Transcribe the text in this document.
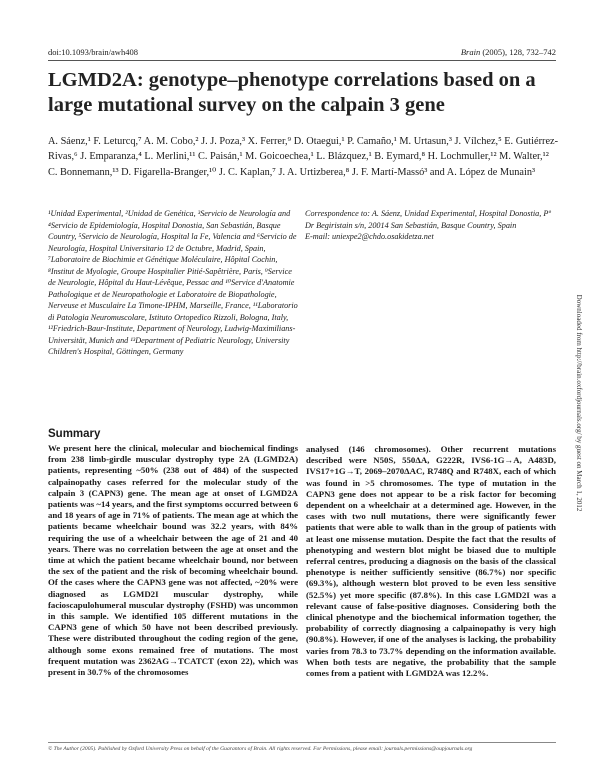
doi:10.1093/brain/awh408	Brain (2005), 128, 732–742
LGMD2A: genotype–phenotype correlations based on a large mutational survey on the calpain 3 gene
A. Sáenz,¹ F. Leturcq,⁷ A. M. Cobo,² J. J. Poza,³ X. Ferrer,⁹ D. Otaegui,¹ P. Camaño,¹ M. Urtasun,³ J. Vílchez,⁵ E. Gutiérrez-Rivas,⁶ J. Emparanza,⁴ L. Merlini,¹¹ C. Paisán,¹ M. Goicoechea,¹ L. Blázquez,¹ B. Eymard,⁸ H. Lochmuller,¹² M. Walter,¹² C. Bonnemann,¹³ D. Figarella-Branger,¹⁰ J. C. Kaplan,⁷ J. A. Urtizberea,⁸ J. F. Martí-Massó³ and A. López de Munain³
¹Unidad Experimental, ²Unidad de Genética, ³Servicio de Neurología and ⁴Servicio de Epidemiología, Hospital Donostia, San Sebastián, Basque Country, ⁵Servicio de Neurología, Hospital la Fe, Valencia and ⁶Servicio de Neurología, Hospital Universitario 12 de Octubre, Madrid, Spain, ⁷Laboratoire de Biochimie et Génétique Moléculaire, Hôpital Cochin, ⁸Institut de Myologie, Groupe Hospitalier Pitié-Sapêtrière, Paris, ⁹Service de Neurologie, Hôpital du Haut-Lévêque, Pessac and ¹⁰Service d'Anatomie Pathologique et de Neuropathologie et Laboratoire de Biopathologie, Nerveuse et Musculaire La Timone-IPHM, Marseille, France, ¹¹Laboratorio di Patologia Neuromuscolare, Istituto Ortopedico Rizzoli, Bologna, Italy, ¹²Friedrich-Baur-Institute, Department of Neurology, Ludwig-Maximilians-Universität, Munich and ¹³Department of Pediatric Neurology, University Children's Hospital, Göttingen, Germany
Correspondence to: A. Sáenz, Unidad Experimental, Hospital Donostia, Pº Dr Begiristain s/n, 20014 San Sebastián, Basque Country, Spain
E-mail: uniexpe2@chdo.osakidetza.net
Downloaded from http://brain.oxfordjournals.org/ by guest on March 1, 2012
Summary

We present here the clinical, molecular and biochemical findings from 238 limb-girdle muscular dystrophy type 2A (LGMD2A) patients, representing ~50% (238 out of 484) of the suspected calpainopathy cases referred for the molecular study of the calpain 3 (CAPN3) gene. The mean age at onset of LGMD2A patients was ~14 years, and the first symptoms occurred between 6 and 18 years of age in 71% of patients. The mean age at which the patients became wheelchair bound was 32.2 years, with 84% requiring the use of a wheelchair between the age of 21 and 40 years. There was no correlation between the age at onset and the time at which the patient became wheelchair bound, nor between the sex of the patient and the risk of becoming wheelchair bound. Of the cases where the CAPN3 gene was not affected, ~20% were diagnosed as LGMD2I muscular dystrophy, while facioscapulohumeral muscular dystrophy (FSHD) was uncommon in this sample. We identified 105 different mutations in the CAPN3 gene of which 50 have not been described previously. These were distributed throughout the coding region of the gene, although some exons remained free of mutations. The most frequent mutation was 2362AG→TCATCT (exon 22), which was present in 30.7% of the chromosomes

analysed (146 chromosomes). Other recurrent mutations described were N50S, 550ΔA, G222R, IVS6-1G→A, A483D, IVS17+1G→T, 2069–2070ΔAC, R748Q and R748X, each of which was found in >5 chromosomes. The type of mutation in the CAPN3 gene does not appear to be a risk factor for becoming dependent on a wheelchair at a determined age. However, in the cases with two null mutations, there were significantly fewer patients that were able to walk than in the group of patients with at least one missense mutation. Despite the fact that the results of phenotyping and western blot might be biased due to multiple referral centres, producing a diagnosis on the basis of the classical phenotype is neither sufficiently sensitive (86.7%) nor specific (69.3%), although western blot proved to be even less sensitive (52.5%) yet more specific (87.8%). In this case LGMD2I was a relevant cause of false-positive diagnoses. Considering both the clinical phenotype and the biochemical information together, the probability of correctly diagnosing a calpainopathy is very high (90.8%). However, if one of the analyses is lacking, the probability varies from 78.3 to 73.7% depending on the information available. When both tests are negative, the probability that the sample comes from a patient with LGMD2A was 12.2%.

© The Author (2005). Published by Oxford University Press on behalf of the Guarantors of Brain. All rights reserved. For Permissions, please email: journals.permissions@oupjournals.org
